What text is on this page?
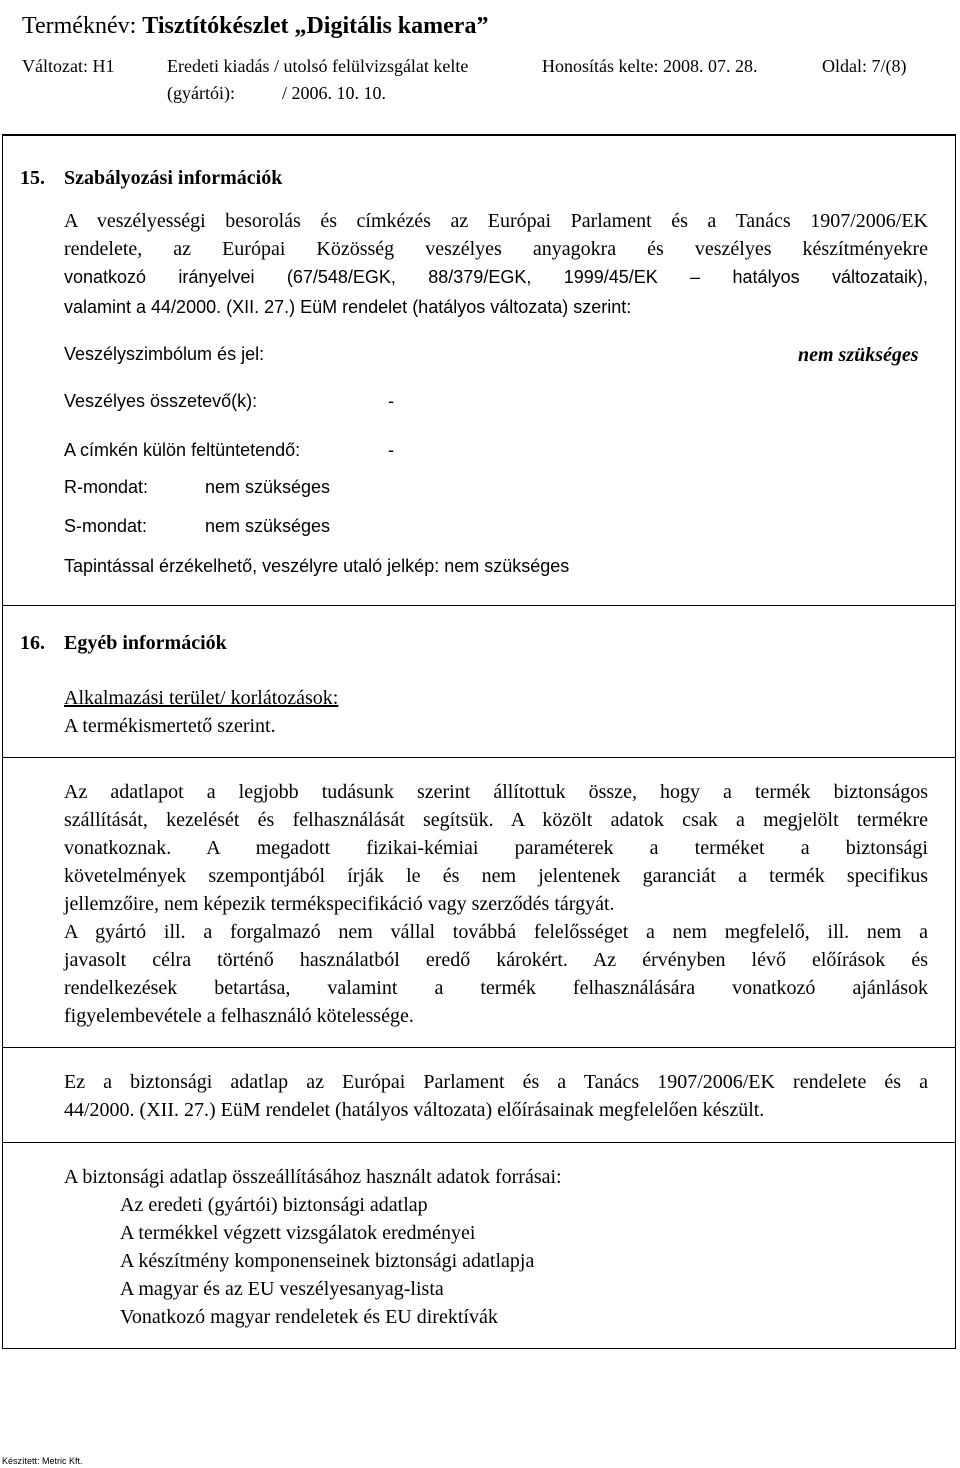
Terméknév: Tisztítókészlet „Digitális kamera”
Változat: H1	Eredeti kiadás / utolsó felülvizsgálat kelte	Honosítás kelte: 2008. 07. 28.	Oldal: 7/(8)
(gyártói):	/ 2006. 10. 10.
15. Szabályozási információk
A veszélyességi besorolás és címkézés az Európai Parlament és a Tanács 1907/2006/EK
rendelete, az Európai Közösség veszélyes anyagokra és veszélyes készítményekre
vonatkozó irányelvei (67/548/EGK, 88/379/EGK, 1999/45/EK – hatályos változataik),
valamint a 44/2000. (XII. 27.) EüM rendelet (hatályos változata) szerint:
Veszélyszimbólum és jel:	nem szükséges
Veszélyes összetevő(k):	-
A címkén külön feltüntetendő:	-
R-mondat:	nem szükséges
S-mondat:	nem szükséges
Tapintással érzékelhető, veszélyre utaló jelkép: nem szükséges
16. Egyéb információk
Alkalmazási terület/ korlátozások:
A termékismertető szerint.
Az adatlapot a legjobb tudásunk szerint állítottuk össze, hogy a termék biztonságos
szállítását, kezelését és felhasználását segítsük. A közölt adatok csak a megjelölt termékre
vonatkoznak. A megadott fizikai-kémiai paraméterek a terméket a biztonsági
követelmények szempontjából írják le és nem jelentenek garanciát a termék specifikus
jellemzőire, nem képezik termékspecifikáció vagy szerződés tárgyát.
A gyártó ill. a forgalmazó nem vállal továbbá felelősséget a nem megfelelő, ill. nem a
javasolt célra történő használatból eredő károkért. Az érvényben lévő előírások és
rendelkezések betartása, valamint a termék felhasználására vonatkozó ajánlások
figyelembevétele a felhasználó kötelessége.
Ez a biztonsági adatlap az Európai Parlament és a Tanács 1907/2006/EK rendelete és a
44/2000. (XII. 27.) EüM rendelet (hatályos változata) előírásainak megfelelően készült.
A biztonsági adatlap összeállításához használt adatok forrásai:
Az eredeti (gyártói) biztonsági adatlap
A termékkel végzett vizsgálatok eredményei
A készítmény komponenseinek biztonsági adatlapja
A magyar és az EU veszélyesanyag-lista
Vonatkozó magyar rendeletek és EU direktívák
Készített: Metric Kft.
